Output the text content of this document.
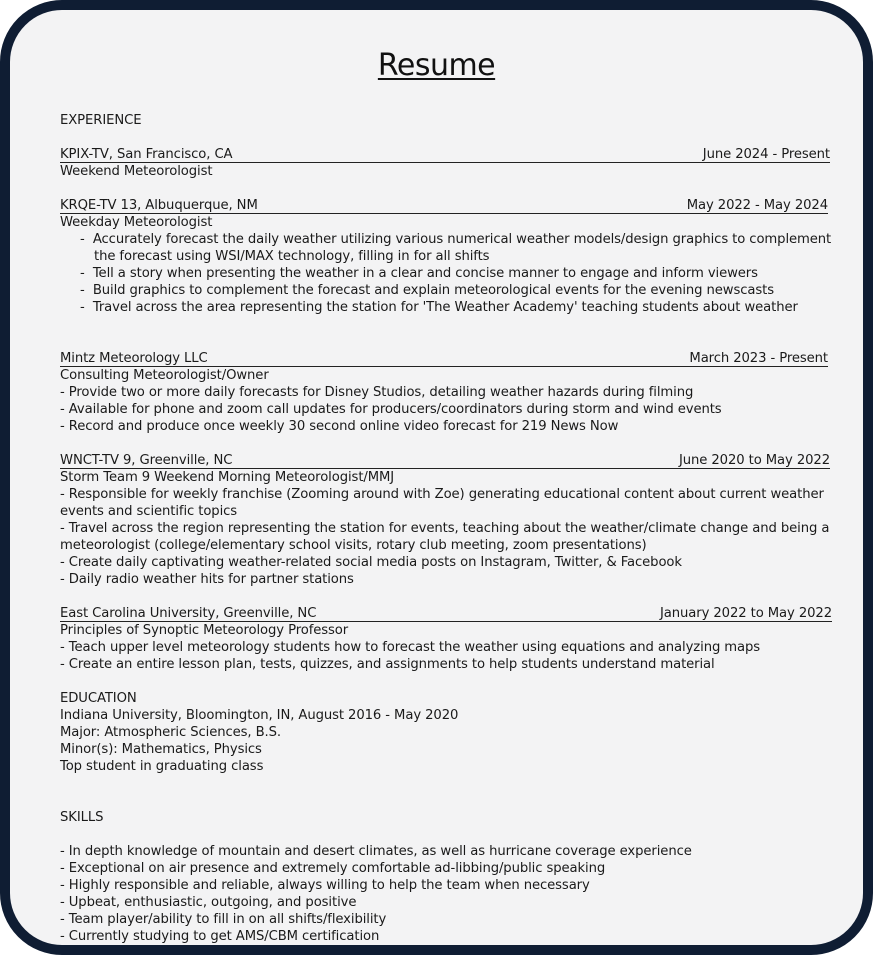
Resume
EXPERIENCE
KPIX-TV, San Francisco, CA	June 2024 - Present
Weekend Meteorologist
KRQE-TV 13, Albuquerque, NM	May 2022 - May 2024
Weekday Meteorologist
-  Accurately forecast the daily weather utilizing various numerical weather models/design graphics to complement
the forecast using WSI/MAX technology, filling in for all shifts
-  Tell a story when presenting the weather in a clear and concise manner to engage and inform viewers
-  Build graphics to complement the forecast and explain meteorological events for the evening newscasts
-  Travel across the area representing the station for 'The Weather Academy' teaching students about weather
Mintz Meteorology LLC	March 2023 - Present
Consulting Meteorologist/Owner
- Provide two or more daily forecasts for Disney Studios, detailing weather hazards during filming
- Available for phone and zoom call updates for producers/coordinators during storm and wind events
- Record and produce once weekly 30 second online video forecast for 219 News Now
WNCT-TV 9, Greenville, NC	June 2020 to May 2022
Storm Team 9 Weekend Morning Meteorologist/MMJ
- Responsible for weekly franchise (Zooming around with Zoe) generating educational content about current weather
events and scientific topics
- Travel across the region representing the station for events, teaching about the weather/climate change and being a
meteorologist (college/elementary school visits, rotary club meeting, zoom presentations)
- Create daily captivating weather-related social media posts on Instagram, Twitter, & Facebook
- Daily radio weather hits for partner stations
East Carolina University, Greenville, NC	January 2022 to May 2022
Principles of Synoptic Meteorology Professor
- Teach upper level meteorology students how to forecast the weather using equations and analyzing maps
- Create an entire lesson plan, tests, quizzes, and assignments to help students understand material
EDUCATION
Indiana University, Bloomington, IN, August 2016 - May 2020
Major: Atmospheric Sciences, B.S.
Minor(s): Mathematics, Physics
Top student in graduating class
SKILLS
- In depth knowledge of mountain and desert climates, as well as hurricane coverage experience
- Exceptional on air presence and extremely comfortable ad-libbing/public speaking
- Highly responsible and reliable, always willing to help the team when necessary
- Upbeat, enthusiastic, outgoing, and positive
- Team player/ability to fill in on all shifts/flexibility
- Currently studying to get AMS/CBM certification
